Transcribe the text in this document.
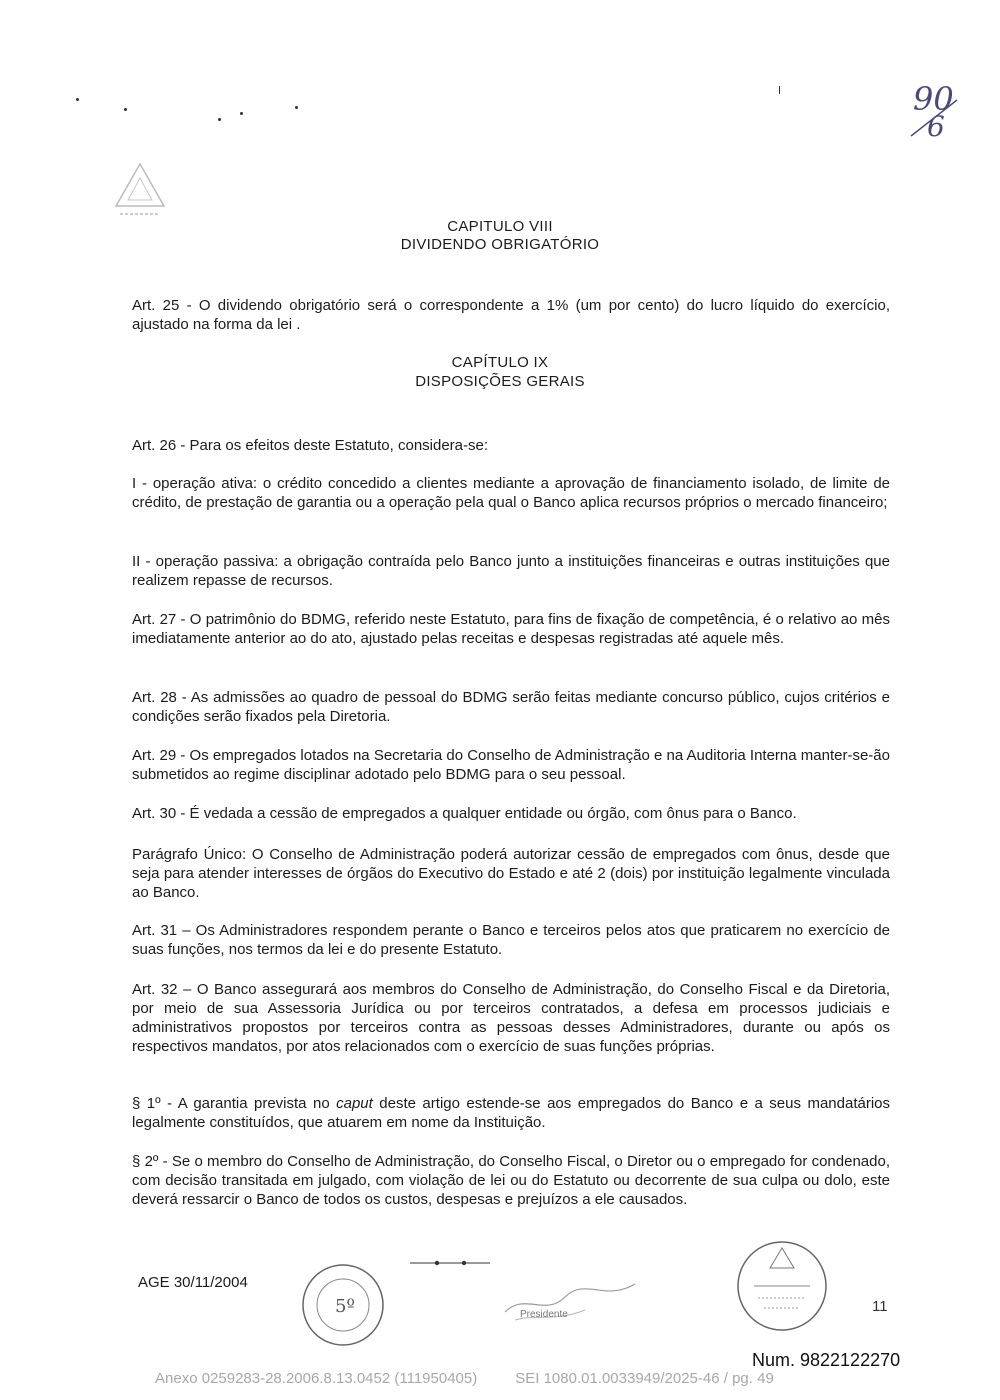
90
6
CAPITULO VIII
DIVIDENDO OBRIGATÓRIO
Art. 25 - O dividendo obrigatório será o correspondente a 1% (um por cento) do lucro líquido do exercício, ajustado na forma da lei .
CAPÍTULO IX
DISPOSIÇÕES GERAIS
Art. 26 - Para os efeitos deste Estatuto, considera-se:
I - operação ativa: o crédito concedido a clientes mediante a aprovação de financiamento isolado, de limite de crédito, de prestação de garantia ou a operação pela qual o Banco aplica recursos próprios o mercado financeiro;
II - operação passiva: a obrigação contraída pelo Banco junto a instituições financeiras e outras instituições que realizem repasse de recursos.
Art. 27 - O patrimônio do BDMG, referido neste Estatuto, para fins de fixação de competência, é o relativo ao mês imediatamente anterior ao do ato, ajustado pelas receitas e despesas registradas até aquele mês.
Art. 28 - As admissões ao quadro de pessoal do BDMG serão feitas mediante concurso público, cujos critérios e condições serão fixados pela Diretoria.
Art. 29 - Os empregados lotados na Secretaria do Conselho de Administração e na Auditoria Interna manter-se-ão submetidos ao regime disciplinar adotado pelo BDMG para o seu pessoal.
Art. 30 - É vedada a cessão de empregados a qualquer entidade ou órgão, com ônus para o Banco.
Parágrafo Único: O Conselho de Administração poderá autorizar cessão de empregados com ônus, desde que seja para atender interesses de órgãos do Executivo do Estado e até 2 (dois) por instituição legalmente vinculada ao Banco.
Art. 31 – Os Administradores respondem perante o Banco e terceiros pelos atos que praticarem no exercício de suas funções, nos termos da lei e do presente Estatuto.
Art. 32 – O Banco assegurará aos membros do Conselho de Administração, do Conselho Fiscal e da Diretoria, por meio de sua Assessoria Jurídica ou por terceiros contratados, a defesa em processos judiciais e administrativos propostos por terceiros contra as pessoas desses Administradores, durante ou após os respectivos mandatos, por atos relacionados com o exercício de suas funções próprias.
§ 1º - A garantia prevista no caput deste artigo estende-se aos empregados do Banco e a seus mandatários legalmente constituídos, que atuarem em nome da Instituição.
§ 2º - Se o membro do Conselho de Administração, do Conselho Fiscal, o Diretor ou o empregado for condenado, com decisão transitada em julgado, com violação de lei ou do Estatuto ou decorrente de sua culpa ou dolo, este deverá ressarcir o Banco de todos os custos, despesas e prejuízos a ele causados.
AGE 30/11/2004
5º	Presidente	11
Num. 9822122270
Anexo 0259283-28.2006.8.13.0452 (111950405)	SEI 1080.01.0033949/2025-46 / pg. 49
